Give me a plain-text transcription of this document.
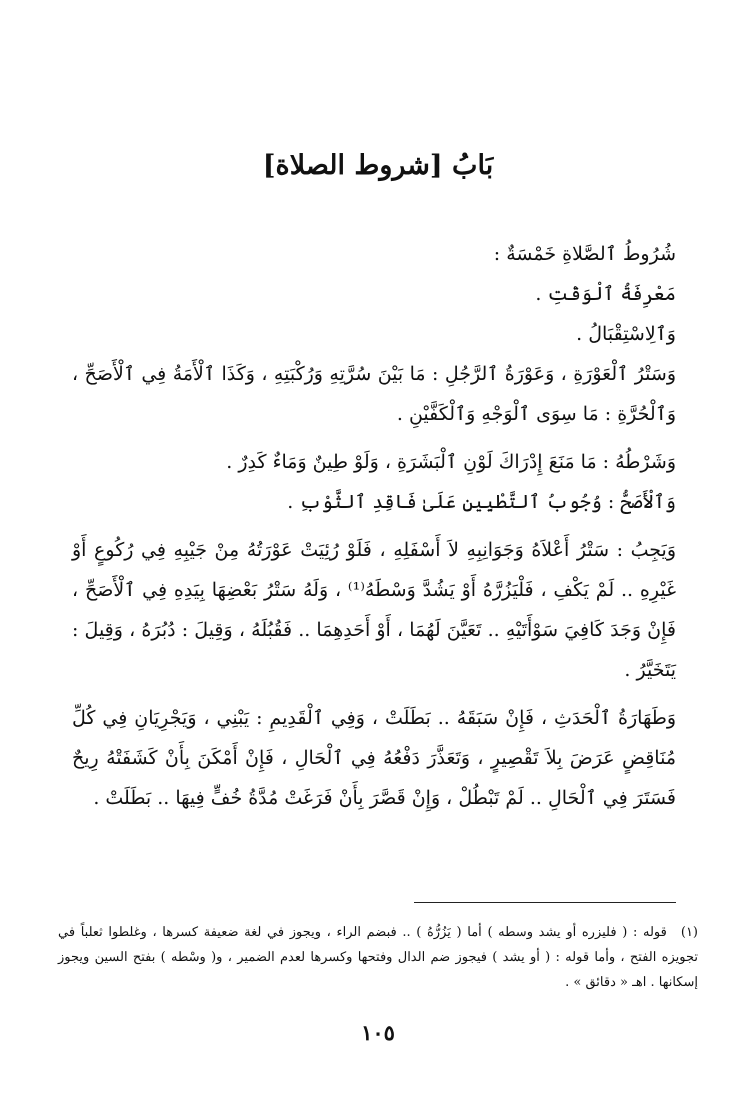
بَابُ [شروط الصلاة]

شُرُوطُ ٱلصَّلاةِ خَمْسَةٌ :

مَعْرِفَةُ ٱلْوَقْتِ .

وَٱلِاسْتِقْبَالُ .

وَسَتْرُ ٱلْعَوْرَةِ ، وَعَوْرَةُ ٱلرَّجُلِ : مَا بَيْنَ سُرَّتِهِ وَرُكْبَتِهِ ، وَكَذَا ٱلْأَمَةُ فِي ٱلْأَصَحِّ ، وَٱلْحُرَّةِ : مَا سِوَى ٱلْوَجْهِ وَٱلْكَفَّيْنِ .

وَشَرْطُهُ : مَا مَنَعَ إِدْرَاكَ لَوْنِ ٱلْبَشَرَةِ ، وَلَوْ طِينٌ وَمَاءٌ كَدِرٌ .

وَٱلْأَصَحُّ : وُجُوبُ ٱلتَّطْيِينِ عَلَىٰ فَاقِدِ ٱلثَّوْبِ .

وَيَجِبُ : سَتْرُ أَعْلاَهُ وَجَوَانِبِهِ لاَ أَسْفَلِهِ ، فَلَوْ رُئِيَتْ عَوْرَتُهُ مِنْ جَيْبِهِ فِي رُكُوعٍ أَوْ غَيْرِهِ .. لَمْ يَكْفِ ، فَلْيَزُرَّهُ أَوْ يَشُدَّ وَسْطَهُ⁽¹⁾ ، وَلَهُ سَتْرُ بَعْضِهَا بِيَدِهِ فِي ٱلْأَصَحِّ ، فَإِنْ وَجَدَ كَافِيَ سَوْأَتَيْهِ .. تَعَيَّنَ لَهُمَا ، أَوْ أَحَدِهِمَا .. فَقُبُلَهُ ، وَقِيلَ : دُبُرَهُ ، وَقِيلَ : يَتَخَيَّرُ .

وَطَهَارَةُ ٱلْحَدَثِ ، فَإِنْ سَبَقَهُ .. بَطَلَتْ ، وَفِي ٱلْقَدِيمِ : يَبْنِي ، وَيَجْرِيَانِ فِي كُلِّ مُنَاقِضٍ عَرَضَ بِلاَ تَقْصِيرٍ ، وَتَعَذَّرَ دَفْعُهُ فِي ٱلْحَالِ ، فَإِنْ أَمْكَنَ بِأَنْ كَشَفَتْهُ رِيحٌ فَسَتَرَ فِي ٱلْحَالِ .. لَمْ تَبْطُلْ ، وَإِنْ قَصَّرَ بِأَنْ فَرَغَتْ مُدَّةُ خُفٍّ فِيهَا .. بَطَلَتْ .

(١)قوله : ( فليزره أو يشد وسطه ) أما ( يَزُرُّهُ ) .. فبضم الراء ، ويجوز في لغة ضعيفة كسرها ، وغلطوا ثعلباً في تجويزه الفتح ، وأما قوله : ( أو يشد ) فيجوز ضم الدال وفتحها وكسرها لعدم الضمير ، و( وسْطه ) بفتح السين ويجوز إسكانها . اهـ « دقائق » .
١٠٥
